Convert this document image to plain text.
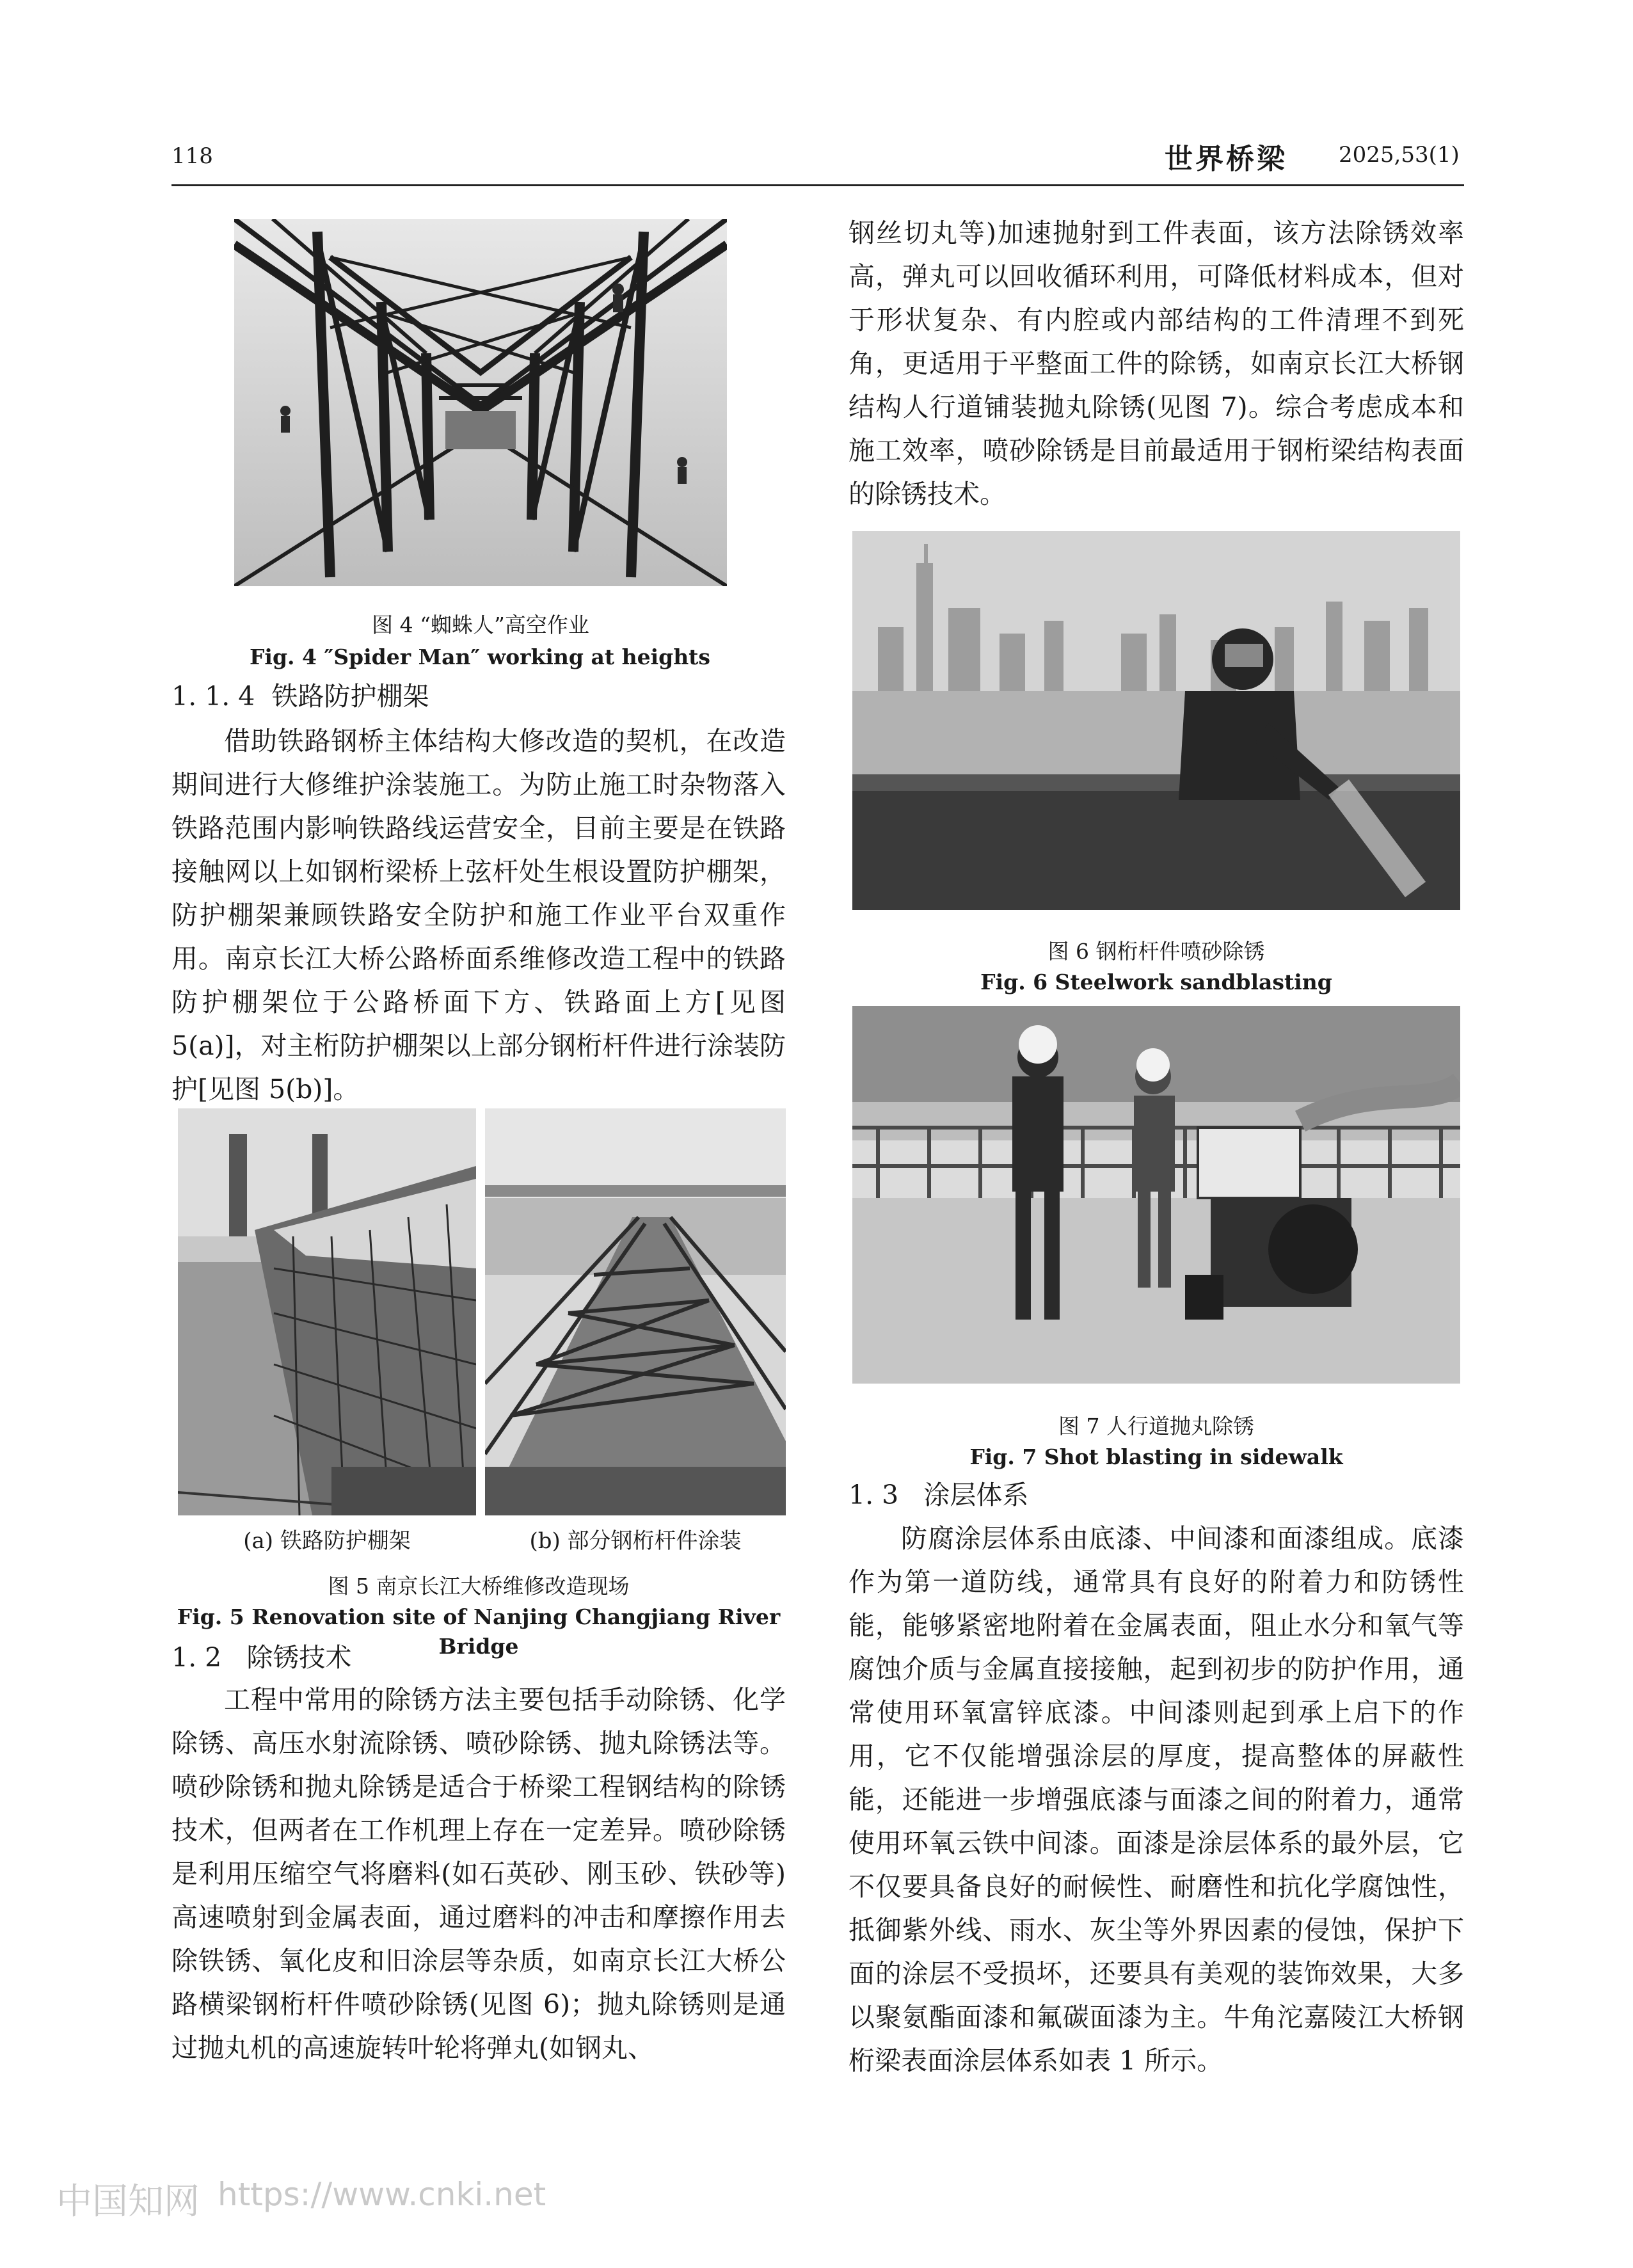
118	世界桥梁 2025,53(1)
图 4 “蜘蛛人”高空作业
Fig. 4 ″Spider Man″ working at heights
1. 1. 4 铁路防护棚架

借助铁路钢桥主体结构大修改造的契机，在改造期间进行大修维护涂装施工。为防止施工时杂物落入铁路范围内影响铁路线运营安全，目前主要是在铁路接触网以上如钢桁梁桥上弦杆处生根设置防护棚架，防护棚架兼顾铁路安全防护和施工作业平台双重作用。南京长江大桥公路桥面系维修改造工程中的铁路防护棚架位于公路桥面下方、铁路面上方[见图 5(a)]，对主桁防护棚架以上部分钢桁杆件进行涂装防护[见图 5(b)]。

(a) 铁路防护棚架	(b) 部分钢桁杆件涂装
图 5 南京长江大桥维修改造现场
Fig. 5 Renovation site of Nanjing Changjiang River Bridge
1. 2 除锈技术

工程中常用的除锈方法主要包括手动除锈、化学除锈、高压水射流除锈、喷砂除锈、抛丸除锈法等。喷砂除锈和抛丸除锈是适合于桥梁工程钢结构的除锈技术，但两者在工作机理上存在一定差异。喷砂除锈是利用压缩空气将磨料(如石英砂、刚玉砂、铁砂等)高速喷射到金属表面，通过磨料的冲击和摩擦作用去除铁锈、氧化皮和旧涂层等杂质，如南京长江大桥公路横梁钢桁杆件喷砂除锈(见图 6)；抛丸除锈则是通过抛丸机的高速旋转叶轮将弹丸(如钢丸、

钢丝切丸等)加速抛射到工件表面，该方法除锈效率高，弹丸可以回收循环利用，可降低材料成本，但对于形状复杂、有内腔或内部结构的工件清理不到死角，更适用于平整面工件的除锈，如南京长江大桥钢结构人行道铺装抛丸除锈(见图 7)。综合考虑成本和施工效率，喷砂除锈是目前最适用于钢桁梁结构表面的除锈技术。

图 6 钢桁杆件喷砂除锈
Fig. 6 Steelwork sandblasting
图 7 人行道抛丸除锈
Fig. 7 Shot blasting in sidewalk
1. 3 涂层体系

防腐涂层体系由底漆、中间漆和面漆组成。底漆作为第一道防线，通常具有良好的附着力和防锈性能，能够紧密地附着在金属表面，阻止水分和氧气等腐蚀介质与金属直接接触，起到初步的防护作用，通常使用环氧富锌底漆。中间漆则起到承上启下的作用，它不仅能增强涂层的厚度，提高整体的屏蔽性能，还能进一步增强底漆与面漆之间的附着力，通常使用环氧云铁中间漆。面漆是涂层体系的最外层，它不仅要具备良好的耐候性、耐磨性和抗化学腐蚀性，抵御紫外线、雨水、灰尘等外界因素的侵蚀，保护下面的涂层不受损坏，还要具有美观的装饰效果，大多以聚氨酯面漆和氟碳面漆为主。牛角沱嘉陵江大桥钢桁梁表面涂层体系如表 1 所示。

中国知网 https://www.cnki.net
